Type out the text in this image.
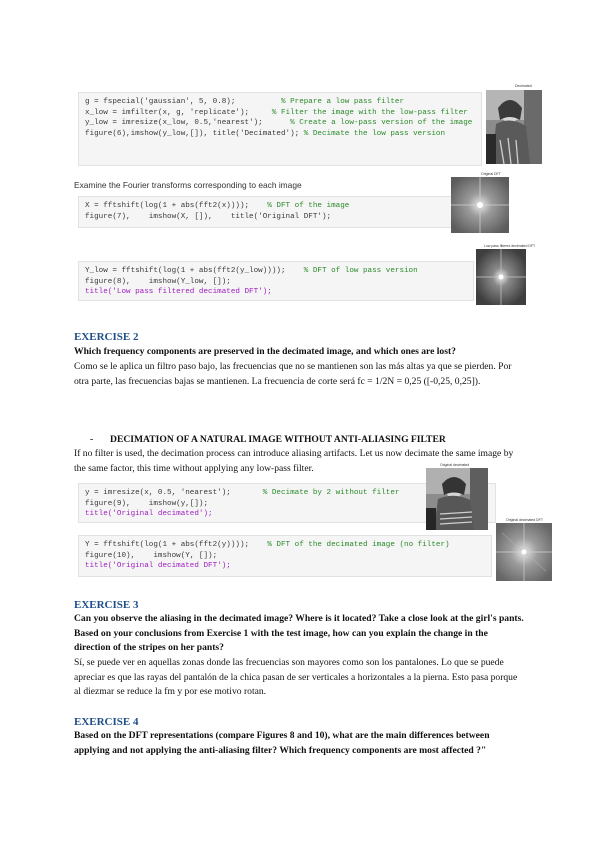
g = fspecial('gaussian', 5, 0.8);	% Prepare a low pass filter
x_low = imfilter(x, g, 'replicate');	% Filter the image with the low-pass filter
y_low = imresize(x_low, 0.5,'nearest');	% Create a low-pass version of the image
figure(6),imshow(y_low,[]), title('Decimated'); % Decimate the low pass version
Decimated
Examine the Fourier transforms corresponding to each image
X = fftshift(log(1 + abs(fft2(x)))); % DFT of the image
figure(7),    imshow(X, []),    title('Original DFT');
Original DFT
Y_low = fftshift(log(1 + abs(fft2(y_low)))); % DFT of low pass version
figure(8),    imshow(Y_low, []);
title('Low pass filtered decimated DFT');
Low pass filtered decimated DFT
EXERCISE 2
Which frequency components are preserved in the decimated image, and which ones are lost?
Como se le aplica un filtro paso bajo, las frecuencias que no se mantienen son las más altas ya que se pierden. Por otra parte, las frecuencias bajas se mantienen. La frecuencia de corte será fc = 1/2N = 0,25 ([-0,25, 0,25]).
- DECIMATION OF A NATURAL IMAGE WITHOUT ANTI-ALIASING FILTER
If no filter is used, the decimation process can introduce aliasing artifacts. Let us now decimate the same image by the same factor, this time without applying any low-pass filter.
y = imresize(x, 0.5, 'nearest');	% Decimate by 2 without filter
figure(9),    imshow(y,[]);
title('Original decimated');
Original decimated
Y = fftshift(log(1 + abs(fft2(y)))); % DFT of the decimated image (no filter)
figure(10),    imshow(Y, []);
title('Original decimated DFT');
Original decimated DFT
EXERCISE 3
Can you observe the aliasing in the decimated image? Where is it located? Take a close look at the girl's pants. Based on your conclusions from Exercise 1 with the test image, how can you explain the change in the direction of the stripes on her pants?
Sí, se puede ver en aquellas zonas donde las frecuencias son mayores como son los pantalones. Lo que se puede apreciar es que las rayas del pantalón de la chica pasan de ser verticales a horizontales a la pierna. Esto pasa porque al diezmar se reduce la fm y por ese motivo rotan.
EXERCISE 4
Based on the DFT representations (compare Figures 8 and 10), what are the main differences between applying and not applying the anti-aliasing filter? Which frequency components are most affected ?"
